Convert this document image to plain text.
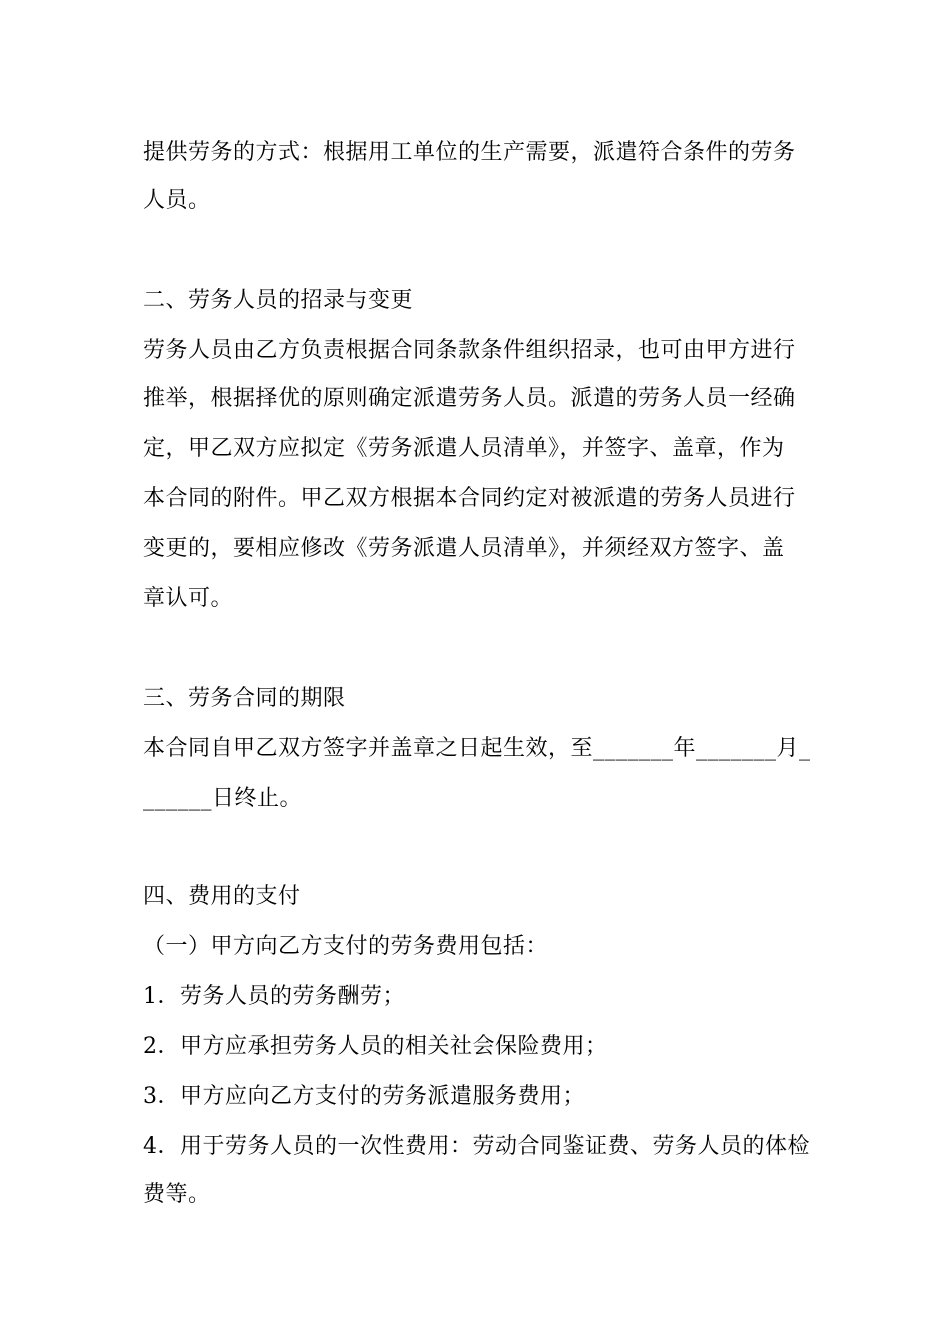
提供劳务的方式：根据用工单位的生产需要，派遣符合条件的劳务
人员。
二、劳务人员的招录与变更
劳务人员由乙方负责根据合同条款条件组织招录，也可由甲方进行
推举，根据择优的原则确定派遣劳务人员。派遣的劳务人员一经确
定，甲乙双方应拟定《劳务派遣人员清单》，并签字、盖章，作为
本合同的附件。甲乙双方根据本合同约定对被派遣的劳务人员进行
变更的，要相应修改《劳务派遣人员清单》，并须经双方签字、盖
章认可。
三、劳务合同的期限
本合同自甲乙双方签字并盖章之日起生效，至_______年_______月_
______日终止。
四、费用的支付
（一）甲方向乙方支付的劳务费用包括：
1．劳务人员的劳务酬劳；
2．甲方应承担劳务人员的相关社会保险费用；
3．甲方应向乙方支付的劳务派遣服务费用；
4．用于劳务人员的一次性费用：劳动合同鉴证费、劳务人员的体检
费等。
